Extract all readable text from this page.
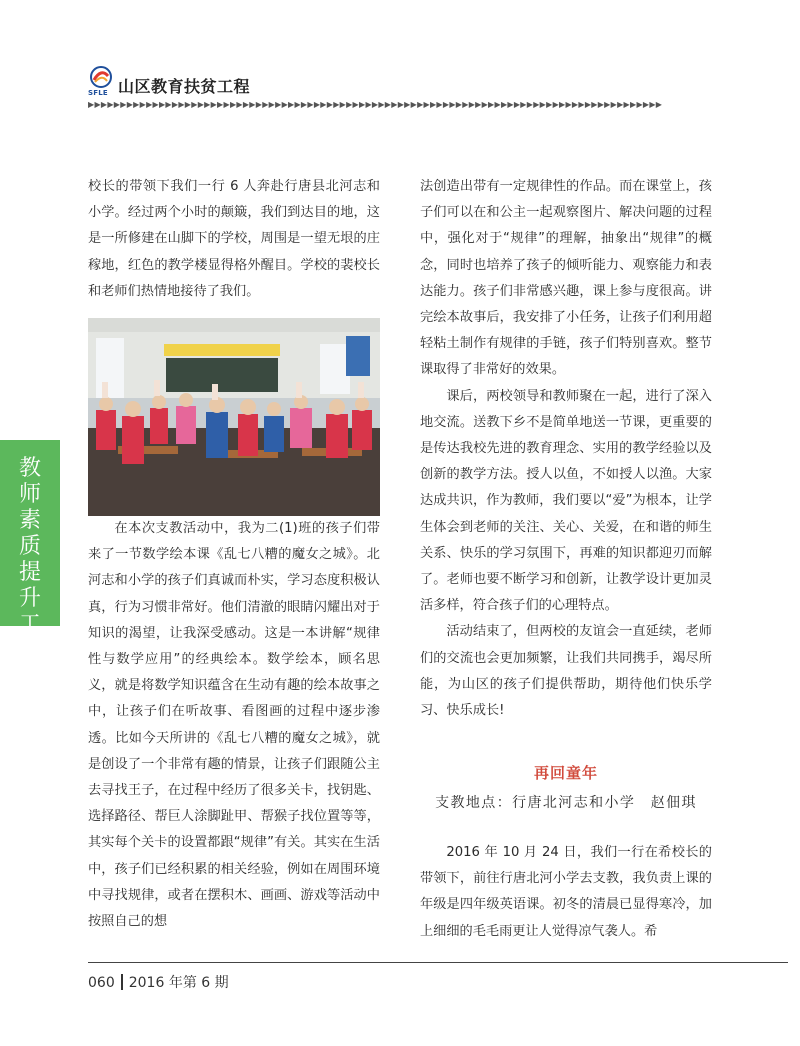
SFLE 山区教育扶贫工程
▶▶▶▶▶▶▶▶▶▶▶▶▶▶▶▶▶▶▶▶▶▶▶▶▶▶▶▶▶▶▶▶▶▶▶▶▶▶▶▶▶▶▶▶▶▶▶▶▶▶▶▶▶▶▶▶▶▶▶▶▶▶▶▶▶▶▶▶▶▶▶▶▶▶▶▶▶▶▶▶▶▶▶▶▶▶▶▶▶
教师素质提升工程

校长的带领下我们一行 6 人奔赴行唐县北河志和小学。经过两个小时的颠簸，我们到达目的地，这是一所修建在山脚下的学校，周围是一望无垠的庄稼地，红色的教学楼显得格外醒目。学校的裴校长和老师们热情地接待了我们。

在本次支教活动中，我为二(1)班的孩子们带来了一节数学绘本课《乱七八糟的魔女之城》。北河志和小学的孩子们真诚而朴实，学习态度积极认真，行为习惯非常好。他们清澈的眼睛闪耀出对于知识的渴望，让我深受感动。这是一本讲解“规律性与数学应用”的经典绘本。数学绘本，顾名思义，就是将数学知识蕴含在生动有趣的绘本故事之中，让孩子们在听故事、看图画的过程中逐步渗透。比如今天所讲的《乱七八糟的魔女之城》，就是创设了一个非常有趣的情景，让孩子们跟随公主去寻找王子，在过程中经历了很多关卡，找钥匙、选择路径、帮巨人涂脚趾甲、帮猴子找位置等等，其实每个关卡的设置都跟“规律”有关。其实在生活中，孩子们已经积累的相关经验，例如在周围环境中寻找规律，或者在摆积木、画画、游戏等活动中按照自己的想

法创造出带有一定规律性的作品。而在课堂上，孩子们可以在和公主一起观察图片、解决问题的过程中，强化对于“规律”的理解，抽象出“规律”的概念，同时也培养了孩子的倾听能力、观察能力和表达能力。孩子们非常感兴趣，课上参与度很高。讲完绘本故事后，我安排了小任务，让孩子们利用超轻粘土制作有规律的手链，孩子们特别喜欢。整节课取得了非常好的效果。

课后，两校领导和教师聚在一起，进行了深入地交流。送教下乡不是简单地送一节课，更重要的是传达我校先进的教育理念、实用的教学经验以及创新的教学方法。授人以鱼，不如授人以渔。大家达成共识，作为教师，我们要以“爱”为根本，让学生体会到老师的关注、关心、关爱，在和谐的师生关系、快乐的学习氛围下，再难的知识都迎刃而解了。老师也要不断学习和创新，让教学设计更加灵活多样，符合孩子们的心理特点。

活动结束了，但两校的友谊会一直延续，老师们的交流也会更加频繁，让我们共同携手，竭尽所能，为山区的孩子们提供帮助，期待他们快乐学习、快乐成长!

再回童年
支教地点：行唐北河志和小学　赵佃琪

2016 年 10 月 24 日，我们一行在希校长的带领下，前往行唐北河小学去支教，我负责上课的年级是四年级英语课。初冬的清晨已显得寒冷，加上细细的毛毛雨更让人觉得凉气袭人。希

060 2016 年第 6 期
